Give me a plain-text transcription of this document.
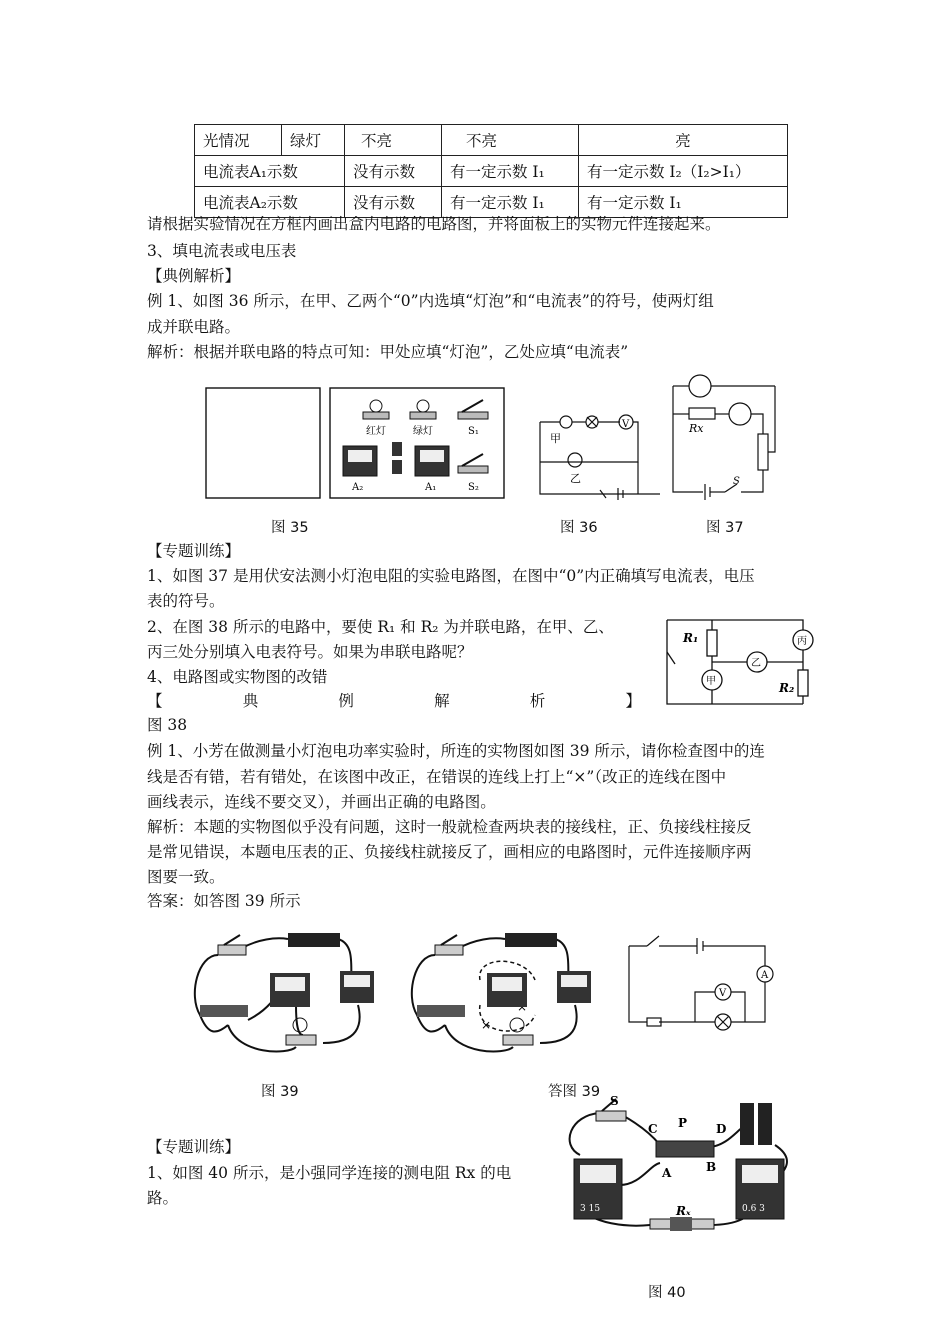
光情况	绿灯	不亮	不亮	亮
电流表A₁示数		没有示数	有一定示数 I₁	有一定示数 I₂（I₂>I₁）
电流表A₂示数		没有示数	有一定示数 I₁	有一定示数 I₁
请根据实验情况在方框内画出盒内电路的电路图，并将面板上的实物元件连接起来。
3、填电流表或电压表
【典例解析】
例 1、如图 36 所示，在甲、乙两个“0”内选填“灯泡”和“电流表”的符号，使两灯组
成并联电路。
解析：根据并联电路的特点可知：甲处应填“灯泡”，乙处应填“电流表”
红灯	绿灯	S₁
A₂	A₁	S₂
V
甲
乙
Rx
S
图 35	图 36	图 37
【专题训练】
1、如图 37 是用伏安法测小灯泡电阻的实验电路图，在图中“0”内正确填写电流表，电压
表的符号。
2、在图 38 所示的电路中，要使 R₁ 和 R₂ 为并联电路，在甲、乙、
丙三处分别填入电表符号。如果为串联电路呢？
4、电路图或实物图的改错
【	典	例	解	析	】
图 38
R₁
甲
乙
丙
R₂
例 1、小芳在做测量小灯泡电功率实验时，所连的实物图如图 39 所示，请你检查图中的连
线是否有错，若有错处，在该图中改正，在错误的连线上打上“×”（改正的连线在图中
画线表示，连线不要交叉），并画出正确的电路图。
解析：本题的实物图似乎没有问题，这时一般就检查两块表的接线柱，正、负接线柱接反
是常见错误，本题电压表的正、负接线柱就接反了，画相应的电路图时，元件连接顺序两
图要一致。
答案：如答图 39 所示
×
A
V
图 39	答图 39
S
C P D
A	B
Rₓ
3 15	0.6 3
【专题训练】
1、如图 40 所示，是小强同学连接的测电阻 Rx 的电
路。
图 40
